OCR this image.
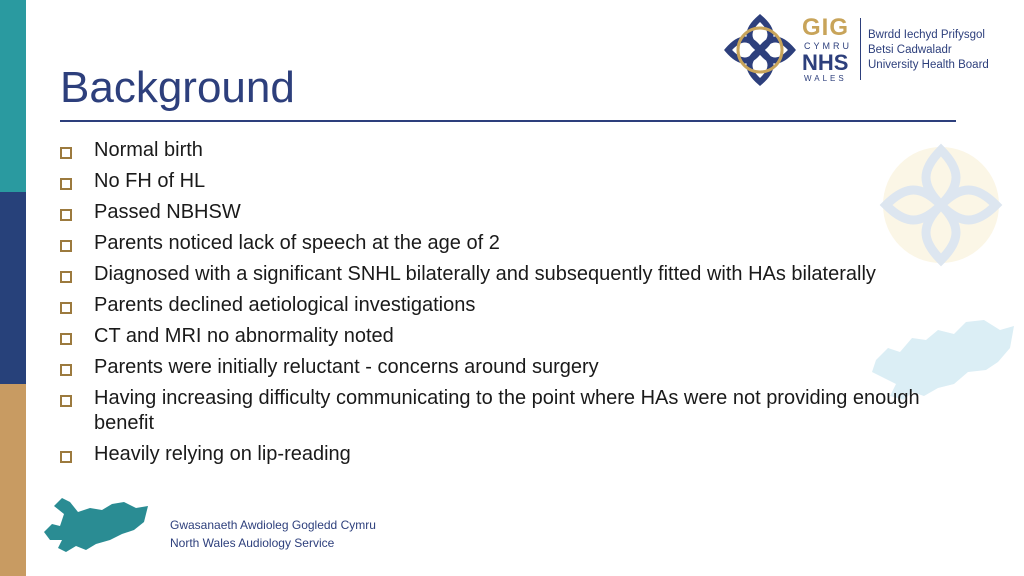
Background
GIG
CYMRU
NHS
WALES
Bwrdd Iechyd Prifysgol
Betsi Cadwaladr
University Health Board
Normal birth
No FH of HL
Passed NBHSW
Parents noticed lack of speech at the age of 2
Diagnosed with a significant SNHL bilaterally and subsequently fitted with HAs bilaterally
Parents declined aetiological investigations
CT and MRI no abnormality noted
Parents were initially reluctant - concerns around surgery
Having increasing difficulty communicating to the point where HAs were not providing enough benefit
Heavily relying on lip-reading
Gwasanaeth Awdioleg Gogledd Cymru
North Wales Audiology Service
